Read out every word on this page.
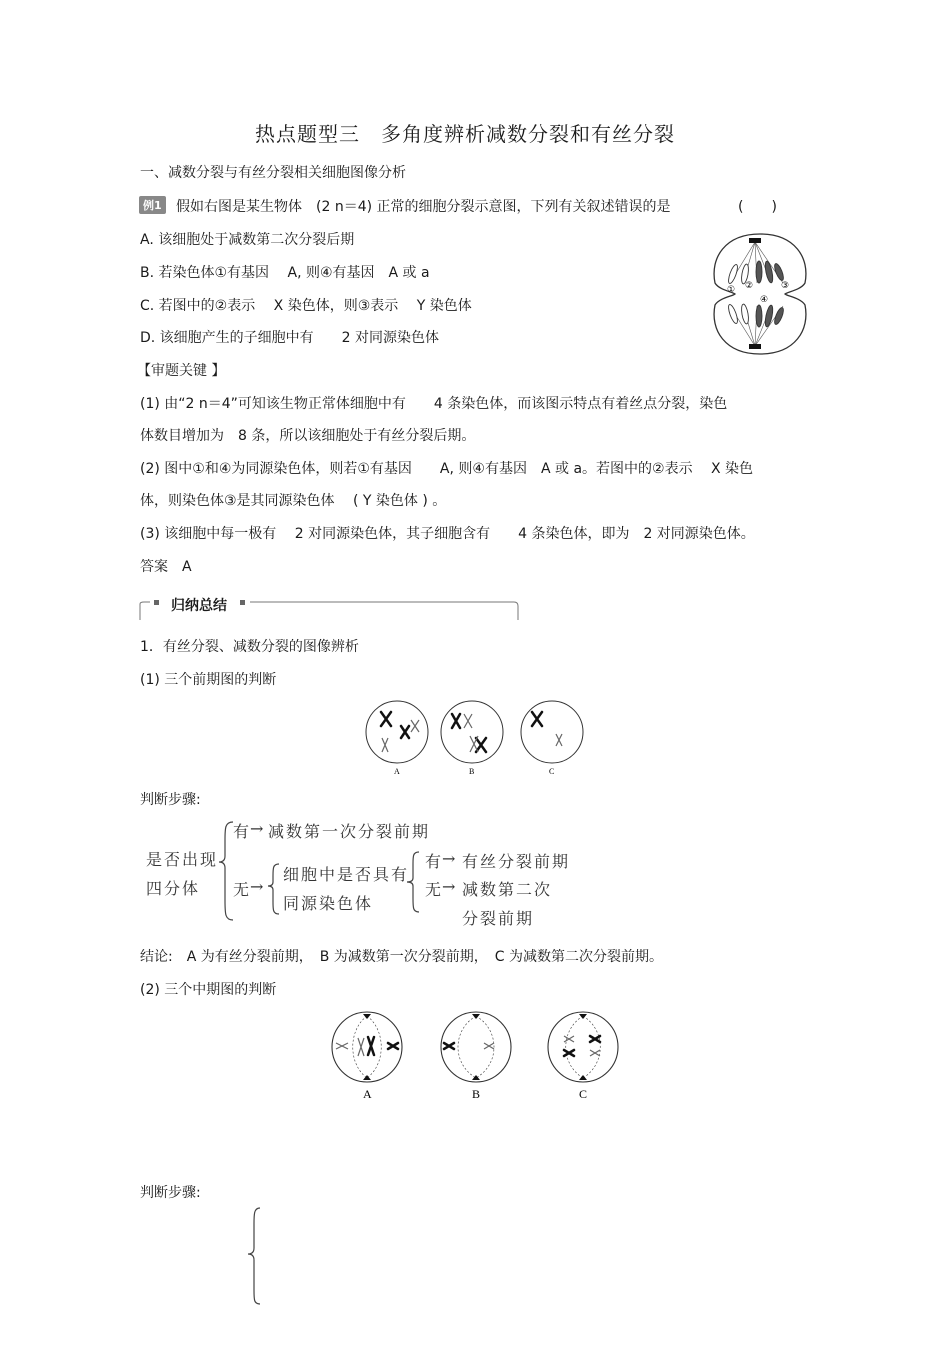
热点题型三　多角度辨析减数分裂和有丝分裂
一、减数分裂与有丝分裂相关细胞图像分析
例1 假如右图是某生物体　(2 n＝4) 正常的细胞分裂示意图，下列有关叙述错误的是	(　　)
A. 该细胞处于减数第二次分裂后期
B. 若染色体①有基因　 A, 则④有基因　A 或 a
C. 若图中的②表示　 X 染色体，则③表示　 Y 染色体
D. 该细胞产生的子细胞中有　　2 对同源染色体
① ②	③
④
【审题关键 】
(1) 由“2 n＝4”可知该生物正常体细胞中有　　4 条染色体，而该图示特点有着丝点分裂，染色
体数目增加为　8 条，所以该细胞处于有丝分裂后期。
(2) 图中①和④为同源染色体，则若①有基因　　A, 则④有基因　A 或 a。若图中的②表示　 X 染色
体，则染色体③是其同源染色体　 ( Y 染色体 ) 。
(3) 该细胞中每一极有　 2 对同源染色体，其子细胞含有　　4 条染色体，即为　2 对同源染色体。
答案　A
归纳总结
1．有丝分裂、减数分裂的图像辨析
(1) 三个前期图的判断
A	B	C
判断步骤:
是否出现
四分体
有
→ 减数第一次分裂前期
无
→
细胞中是否具有
同源染色体
有
→ 有丝分裂前期
无
→ 减数第二次
分裂前期
结论:　A 为有丝分裂前期，　B 为减数第一次分裂前期，　C 为减数第二次分裂前期。
(2) 三个中期图的判断
A	B	C
判断步骤:
